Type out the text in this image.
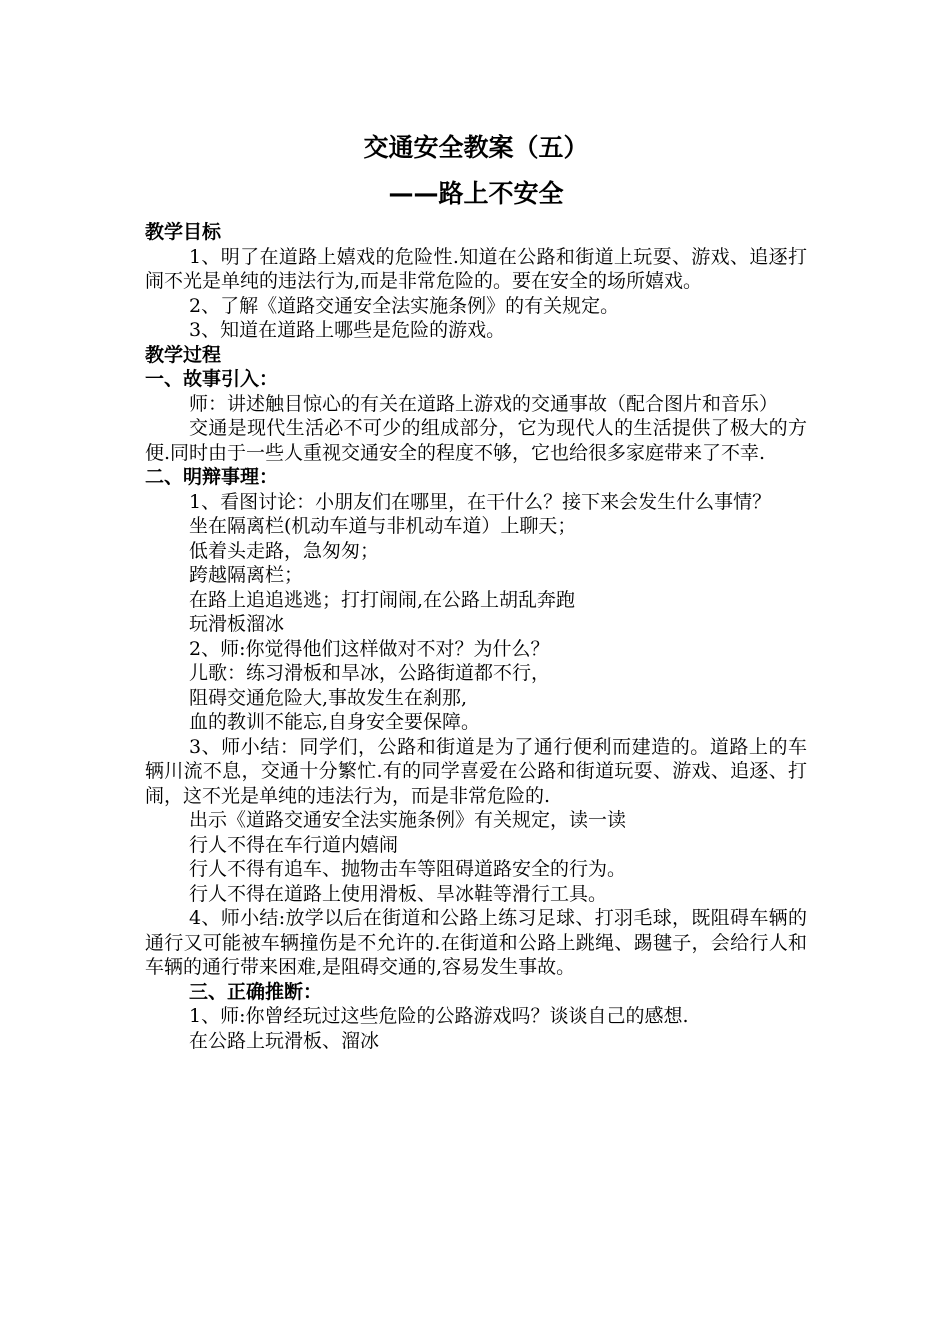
交通安全教案（五）
——路上不安全
教学目标

1、明了在道路上嬉戏的危险性.知道在公路和街道上玩耍、游戏、追逐打闹不光是单纯的违法行为,而是非常危险的。要在安全的场所嬉戏。

2、了解《道路交通安全法实施条例》的有关规定。

3、知道在道路上哪些是危险的游戏。

教学过程
一、故事引入：

师：讲述触目惊心的有关在道路上游戏的交通事故（配合图片和音乐）

交通是现代生活必不可少的组成部分，它为现代人的生活提供了极大的方便.同时由于一些人重视交通安全的程度不够，它也给很多家庭带来了不幸.

二、明辩事理：

1、看图讨论：小朋友们在哪里，在干什么？接下来会发生什么事情？

坐在隔离栏(机动车道与非机动车道）上聊天；

低着头走路，急匆匆；

跨越隔离栏；

在路上追追逃逃；打打闹闹,在公路上胡乱奔跑

玩滑板溜冰

2、师:你觉得他们这样做对不对？为什么？

儿歌：练习滑板和旱冰，公路街道都不行，

阻碍交通危险大,事故发生在刹那,

血的教训不能忘,自身安全要保障。

3、师小结：同学们，公路和街道是为了通行便利而建造的。道路上的车辆川流不息，交通十分繁忙.有的同学喜爱在公路和街道玩耍、游戏、追逐、打闹，这不光是单纯的违法行为，而是非常危险的.

出示《道路交通安全法实施条例》有关规定，读一读

行人不得在车行道内嬉闹

行人不得有追车、抛物击车等阻碍道路安全的行为。

行人不得在道路上使用滑板、旱冰鞋等滑行工具。

4、师小结:放学以后在街道和公路上练习足球、打羽毛球，既阻碍车辆的通行又可能被车辆撞伤是不允许的.在街道和公路上跳绳、踢毽子，会给行人和车辆的通行带来困难,是阻碍交通的,容易发生事故。

三、正确推断：

1、师:你曾经玩过这些危险的公路游戏吗？谈谈自己的感想.

在公路上玩滑板、溜冰
